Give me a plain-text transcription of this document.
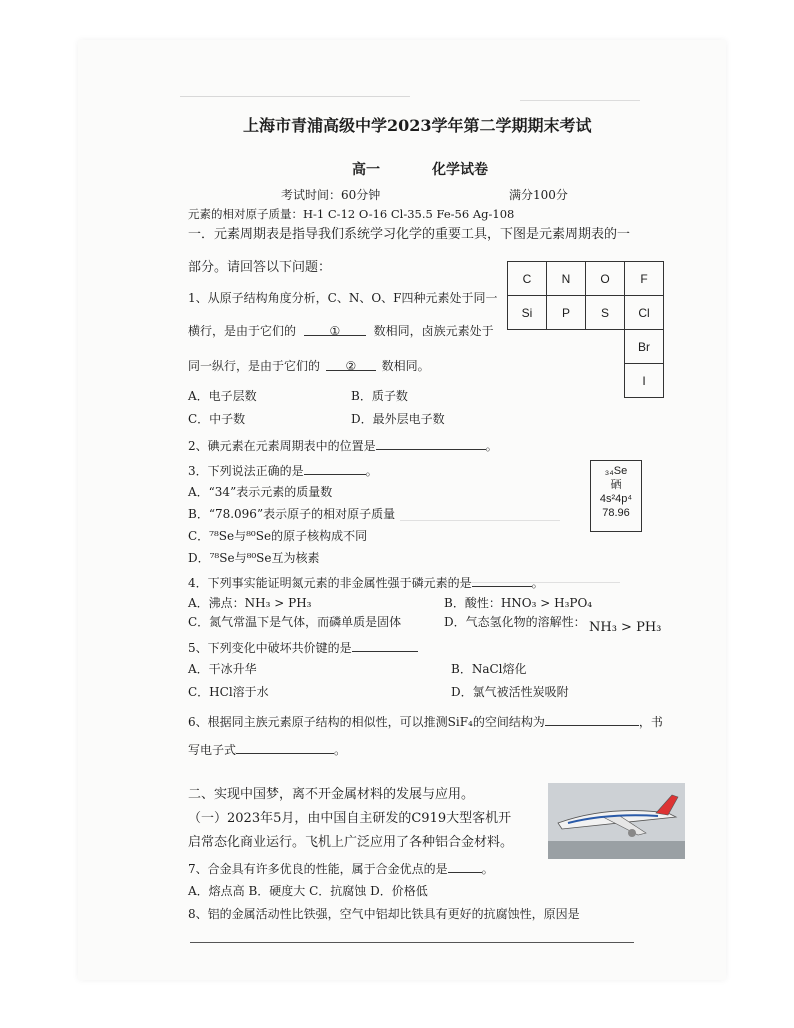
上海市青浦高级中学2023学年第二学期期末考试
高一	化学试卷
考试时间：60分钟	满分100分
元素的相对原子质量：H-1 C-12 O-16 Cl-35.5 Fe-56 Ag-108
一．元素周期表是指导我们系统学习化学的重要工具，下图是元素周期表的一
部分。请回答以下问题：
C	N	O	F
Si	P	S	Cl
			Br
			I
1、从原子结构角度分析，C、N、O、F四种元素处于同一
横行，是由于它们的	①	数相同，卤族元素处于
同一纵行，是由于它们的 ② 数相同。
A．电子层数	B．质子数
C．中子数	D．最外层电子数
2、碘元素在元素周期表中的位置是	。
3．下列说法正确的是	。
A．“34”表示元素的质量数
B．“78.096”表示原子的相对原子质量
C．⁷⁸Se与⁸⁰Se的原子核构成不同
D．⁷⁸Se与⁸⁰Se互为核素
₃₄Se
硒
4s²4p⁴
78.96
4．下列事实能证明氮元素的非金属性强于磷元素的是	。
A．沸点：NH₃ > PH₃	B．酸性：HNO₃ > H₃PO₄
C．氮气常温下是气体，而磷单质是固体	D．气态氢化物的溶解性： NH₃ > PH₃
5、下列变化中破坏共价键的是
A．干冰升华	B．NaCl熔化
C．HCl溶于水	D．氯气被活性炭吸附
6、根据同主族元素原子结构的相似性，可以推测SiF₄的空间结构为	，书
写电子式	。
二、实现中国梦，离不开金属材料的发展与应用。
（一）2023年5月，由中国自主研发的C919大型客机开
启常态化商业运行。飞机上广泛应用了各种铝合金材料。
7、合金具有许多优良的性能，属于合金优点的是	。
A．熔点高 B．硬度大 C．抗腐蚀 D．价格低
8、铝的金属活动性比铁强，空气中铝却比铁具有更好的抗腐蚀性，原因是
